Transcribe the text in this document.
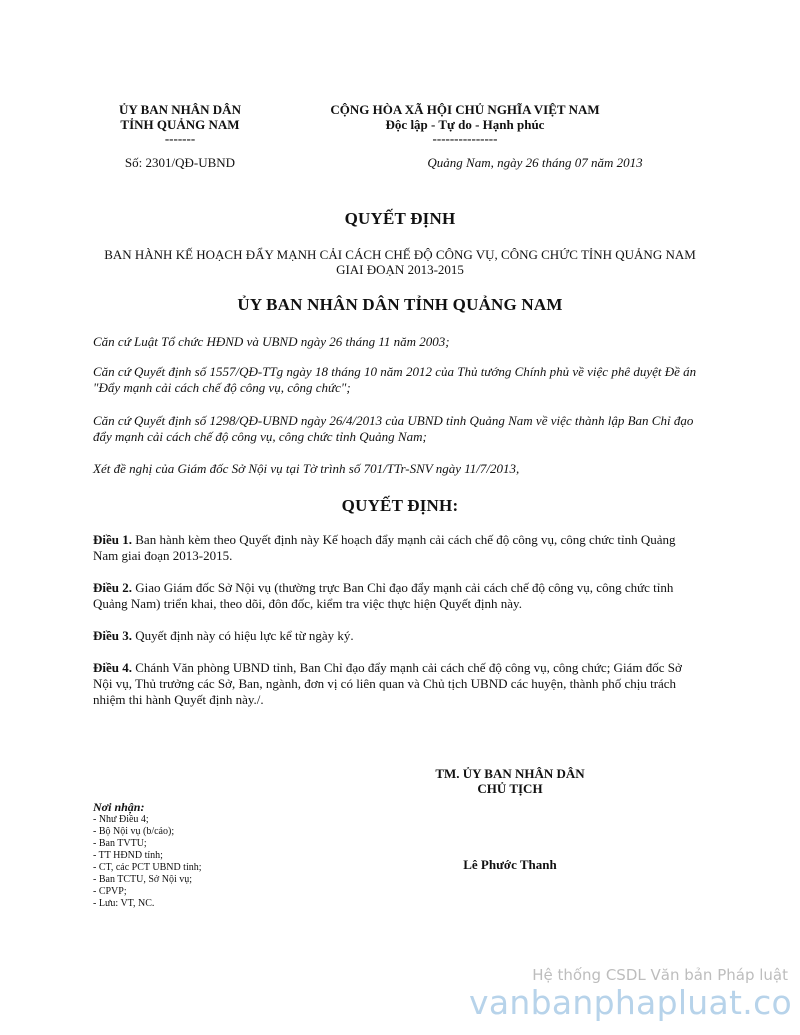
ỦY BAN NHÂN DÂN
TỈNH QUẢNG NAM
-------
Số: 2301/QĐ-UBND
CỘNG HÒA XÃ HỘI CHỦ NGHĨA VIỆT NAM
Độc lập - Tự do - Hạnh phúc
---------------
Quảng Nam, ngày 26 tháng 07 năm 2013
QUYẾT ĐỊNH
BAN HÀNH KẾ HOẠCH ĐẨY MẠNH CẢI CÁCH CHẾ ĐỘ CÔNG VỤ, CÔNG CHỨC TỈNH QUẢNG NAM
GIAI ĐOẠN 2013-2015
ỦY BAN NHÂN DÂN TỈNH QUẢNG NAM
Căn cứ Luật Tổ chức HĐND và UBND ngày 26 tháng 11 năm 2003;
Căn cứ Quyết định số 1557/QĐ-TTg ngày 18 tháng 10 năm 2012 của Thủ tướng Chính phủ về việc phê duyệt Đề án "Đẩy mạnh cải cách chế độ công vụ, công chức";
Căn cứ Quyết định số 1298/QĐ-UBND ngày 26/4/2013 của UBND tỉnh Quảng Nam về việc thành lập Ban Chỉ đạo đẩy mạnh cải cách chế độ công vụ, công chức tỉnh Quảng Nam;
Xét đề nghị của Giám đốc Sở Nội vụ tại Tờ trình số 701/TTr-SNV ngày 11/7/2013,
QUYẾT ĐỊNH:
Điều 1. Ban hành kèm theo Quyết định này Kế hoạch đẩy mạnh cải cách chế độ công vụ, công chức tỉnh Quảng Nam giai đoạn 2013-2015.
Điều 2. Giao Giám đốc Sở Nội vụ (thường trực Ban Chỉ đạo đẩy mạnh cải cách chế độ công vụ, công chức tỉnh Quảng Nam) triển khai, theo dõi, đôn đốc, kiểm tra việc thực hiện Quyết định này.
Điều 3. Quyết định này có hiệu lực kể từ ngày ký.
Điều 4. Chánh Văn phòng UBND tỉnh, Ban Chỉ đạo đẩy mạnh cải cách chế độ công vụ, công chức; Giám đốc Sở Nội vụ, Thủ trưởng các Sở, Ban, ngành, đơn vị có liên quan và Chủ tịch UBND các huyện, thành phố chịu trách nhiệm thi hành Quyết định này./.
TM. ỦY BAN NHÂN DÂN
CHỦ TỊCH
Lê Phước Thanh
Nơi nhận:
- Như Điều 4;
- Bộ Nội vụ (b/cáo);
- Ban TVTU;
- TT HĐND tỉnh;
- CT, các PCT UBND tỉnh;
- Ban TCTU, Sở Nội vụ;
- CPVP;
- Lưu: VT, NC.
Hệ thống CSDL Văn bản Pháp luật
vanbanphapluat.co
